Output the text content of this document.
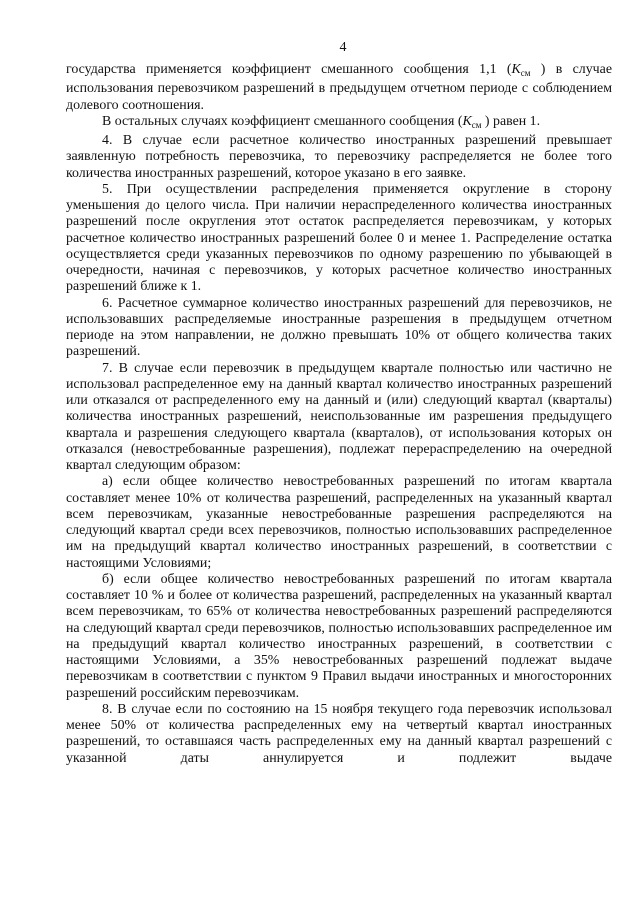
4

государства применяется коэффициент смешанного сообщения 1,1 ($К_{см}$ ) в случае использования перевозчиком разрешений в предыдущем отчетном периоде с соблюдением долевого соотношения.

В остальных случаях коэффициент смешанного сообщения ($К_{см}$ ) равен 1.

4. В случае если расчетное количество иностранных разрешений превышает заявленную потребность перевозчика, то перевозчику распределяется не более того количества иностранных разрешений, которое указано в его заявке.

5. При осуществлении распределения применяется округление в сторону уменьшения до целого числа. При наличии нераспределенного количества иностранных разрешений после округления этот остаток распределяется перевозчикам, у которых расчетное количество иностранных разрешений более 0 и менее 1. Распределение остатка осуществляется среди указанных перевозчиков по одному разрешению по убывающей в очередности, начиная с перевозчиков, у которых расчетное количество иностранных разрешений ближе к 1.

6. Расчетное суммарное количество иностранных разрешений для перевозчиков, не использовавших распределяемые иностранные разрешения в предыдущем отчетном периоде на этом направлении, не должно превышать 10% от общего количества таких разрешений.

7. В случае если перевозчик в предыдущем квартале полностью или частично не использовал распределенное ему на данный квартал количество иностранных разрешений или отказался от распределенного ему на данный и (или) следующий квартал (кварталы) количества иностранных разрешений, неиспользованные им разрешения предыдущего квартала и разрешения следующего квартала (кварталов), от использования которых он отказался (невостребованные разрешения), подлежат перераспределению на очередной квартал следующим образом:

а) если общее количество невостребованных разрешений по итогам квартала составляет менее 10% от количества разрешений, распределенных на указанный квартал всем перевозчикам, указанные невостребованные разрешения распределяются на следующий квартал среди всех перевозчиков, полностью использовавших распределенное им на предыдущий квартал количество иностранных разрешений, в соответствии с настоящими Условиями;

б) если общее количество невостребованных разрешений по итогам квартала составляет 10 % и более от количества разрешений, распределенных на указанный квартал всем перевозчикам, то 65% от количества невостребованных разрешений распределяются на следующий квартал среди перевозчиков, полностью использовавших распределенное им на предыдущий квартал количество иностранных разрешений, в соответствии с настоящими Условиями, а 35% невостребованных разрешений подлежат выдаче перевозчикам в соответствии с пунктом 9 Правил выдачи иностранных и многосторонних разрешений российским перевозчикам.

8. В случае если по состоянию на 15 ноября текущего года перевозчик использовал менее 50% от количества распределенных ему на четвертый квартал иностранных разрешений, то оставшаяся часть распределенных ему на данный квартал разрешений с указанной даты аннулируется и подлежит выдаче
